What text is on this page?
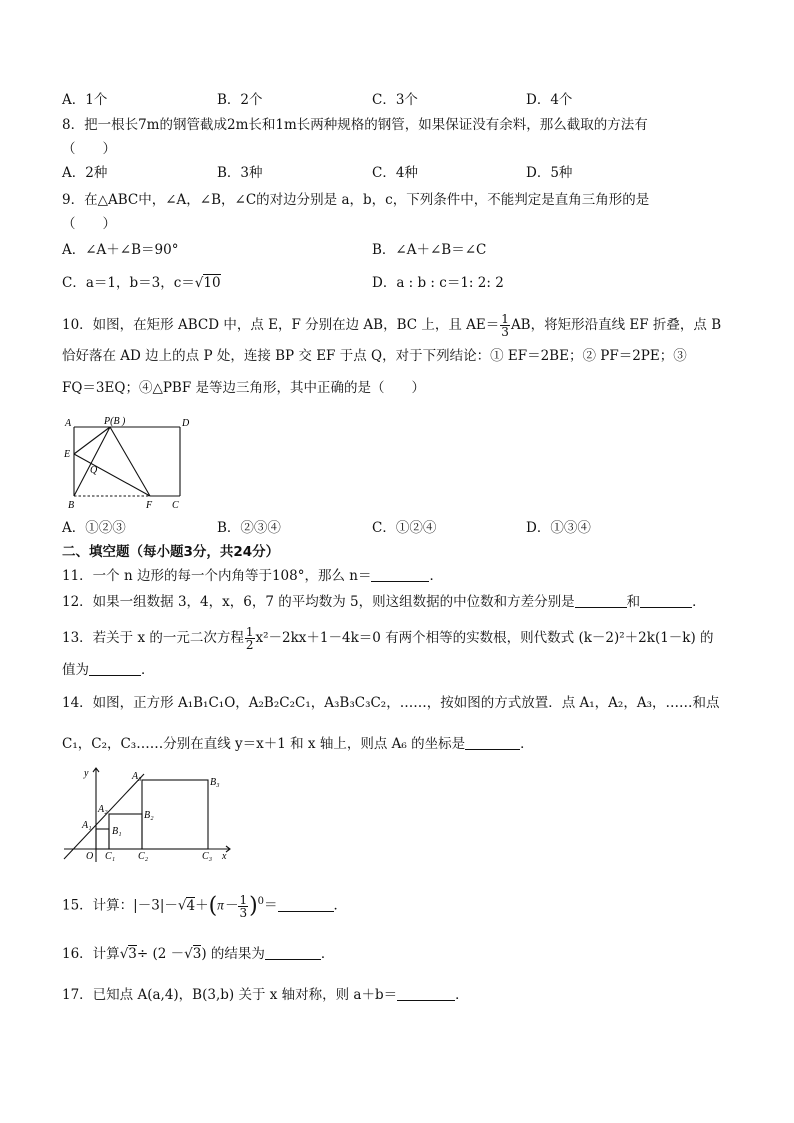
A．1个	B．2个	C．3个	D．4个
8．把一根长7m的钢管截成2m长和1m长两种规格的钢管，如果保证没有余料，那么截取的方法有
（　　）
A．2种	B．3种	C．4种	D．5种
9．在△ABC中，∠A，∠B，∠C的对边分别是 a，b，c，下列条件中，不能判定是直角三角形的是
（　　）
A．∠A＋∠B＝90°	B．∠A＋∠B＝∠C
C．a＝1，b＝3，c＝√10	D．a : b : c＝1: 2: 2
10．如图，在矩形 ABCD 中，点 E，F 分别在边 AB，BC 上，且 $AE= \frac{1}{3}$ AB，将矩形沿直线 EF 折叠，点 B
恰好落在 AD 边上的点 P 处，连接 BP 交 EF 于点 Q，对于下列结论：① EF＝2BE；② PF＝2PE；③
FQ＝3EQ；④△PBF 是等边三角形，其中正确的是（　　）
A	P(B )	D
E
Q
B	F C
A．①②③	B．②③④	C．①②④	D．①③④
二、填空题（每小题3分，共24分）
11．一个 n 边形的每一个内角等于108°，那么 n＝	．
12．如果一组数据 3，4，x，6，7 的平均数为 5，则这组数据的中位数和方差分别是	和	．
13．若关于 x 的一元二次方程 $\frac{1}{2} x^2-2kx+1-4k=0$ 有两个相等的实数根，则代数式 (k－2)²＋2k(1－k) 的
值为	．
14．如图，正方形 A₁B₁C₁O，A₂B₂C₂C₁，A₃B₃C₃C₂，……，按如图的方式放置．点 A₁，A₂，A₃，……和点
C₁，C₂，C₃……分别在直线 y＝x＋1 和 x 轴上，则点 A₆ 的坐标是	．
y
x
O
A₁
A₂
A₃
B₁
B₂
B₃
C₁ C₂	C₃
15．计算：$|-3|-√4+(\pi- \frac{1}{3} )^0=$	．
16．计算√3÷ (2 －√3) 的结果为	．
17．已知点 A(a,4)，B(3,b) 关于 x 轴对称，则 a＋b＝	．
